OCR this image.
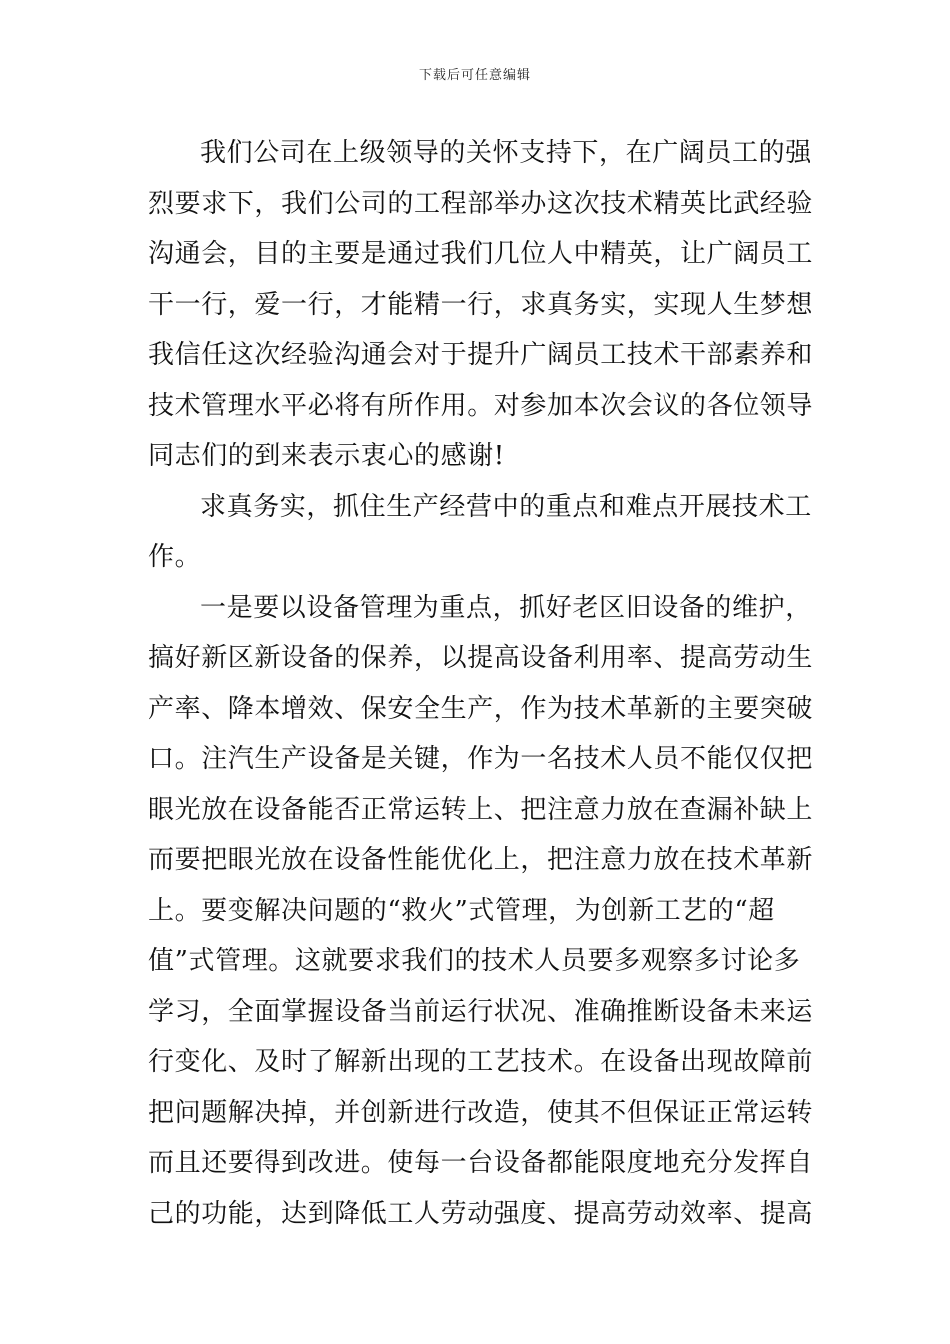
下载后可任意编辑
我们公司在上级领导的关怀支持下，在广阔员工的强
烈要求下，我们公司的工程部举办这次技术精英比武经验
沟通会，目的主要是通过我们几位人中精英，让广阔员工
干一行，爱一行，才能精一行，求真务实，实现人生梦想
我信任这次经验沟通会对于提升广阔员工技术干部素养和
技术管理水平必将有所作用。对参加本次会议的各位领导
同志们的到来表示衷心的感谢!
求真务实，抓住生产经营中的重点和难点开展技术工
作。
一是要以设备管理为重点，抓好老区旧设备的维护，
搞好新区新设备的保养，以提高设备利用率、提高劳动生
产率、降本增效、保安全生产，作为技术革新的主要突破
口。注汽生产设备是关键，作为一名技术人员不能仅仅把
眼光放在设备能否正常运转上、把注意力放在查漏补缺上
而要把眼光放在设备性能优化上，把注意力放在技术革新
上。要变解决问题的“救火”式管理，为创新工艺的“超
值”式管理。这就要求我们的技术人员要多观察多讨论多
学习，全面掌握设备当前运行状况、准确推断设备未来运
行变化、及时了解新出现的工艺技术。在设备出现故障前
把问题解决掉，并创新进行改造，使其不但保证正常运转
而且还要得到改进。使每一台设备都能限度地充分发挥自
己的功能，达到降低工人劳动强度、提高劳动效率、提高
